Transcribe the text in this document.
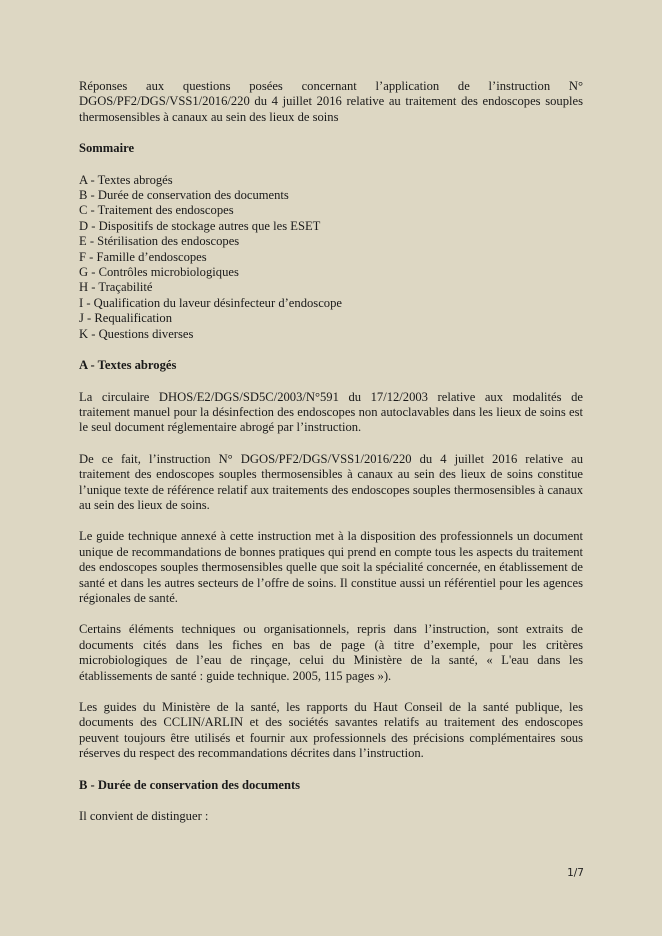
Réponses aux questions posées concernant l’application de l’instruction N° DGOS/PF2/DGS/VSS1/2016/220 du 4 juillet 2016 relative au traitement des endoscopes souples thermosensibles à canaux au sein des lieux de soins

Sommaire
A - Textes abrogés
B - Durée de conservation des documents
C - Traitement des endoscopes
D - Dispositifs de stockage autres que les ESET
E - Stérilisation des endoscopes
F - Famille d’endoscopes
G - Contrôles microbiologiques
H - Traçabilité
I - Qualification du laveur désinfecteur d’endoscope
J - Requalification
K - Questions diverses
A - Textes abrogés

La circulaire DHOS/E2/DGS/SD5C/2003/N°591 du 17/12/2003 relative aux modalités de traitement manuel pour la désinfection des endoscopes non autoclavables dans les lieux de soins est le seul document réglementaire abrogé par l’instruction.

De ce fait, l’instruction N° DGOS/PF2/DGS/VSS1/2016/220 du 4 juillet 2016 relative au traitement des endoscopes souples thermosensibles à canaux au sein des lieux de soins constitue l’unique texte de référence relatif aux traitements des endoscopes souples thermosensibles à canaux au sein des lieux de soins.

Le guide technique annexé à cette instruction met à la disposition des professionnels un document unique de recommandations de bonnes pratiques qui prend en compte tous les aspects du traitement des endoscopes souples thermosensibles quelle que soit la spécialité concernée, en établissement de santé et dans les autres secteurs de l’offre de soins. Il constitue aussi un référentiel pour les agences régionales de santé.

Certains éléments techniques ou organisationnels, repris dans l’instruction, sont extraits de documents cités dans les fiches en bas de page (à titre d’exemple, pour les critères microbiologiques de l’eau de rinçage, celui du Ministère de la santé, « L'eau dans les établissements de santé : guide technique. 2005, 115 pages »).

Les guides du Ministère de la santé, les rapports du Haut Conseil de la santé publique, les documents des CCLIN/ARLIN et des sociétés savantes relatifs au traitement des endoscopes peuvent toujours être utilisés et fournir aux professionnels des précisions complémentaires sous réserves du respect des recommandations décrites dans l’instruction.

B - Durée de conservation des documents

Il convient de distinguer :

1/7
